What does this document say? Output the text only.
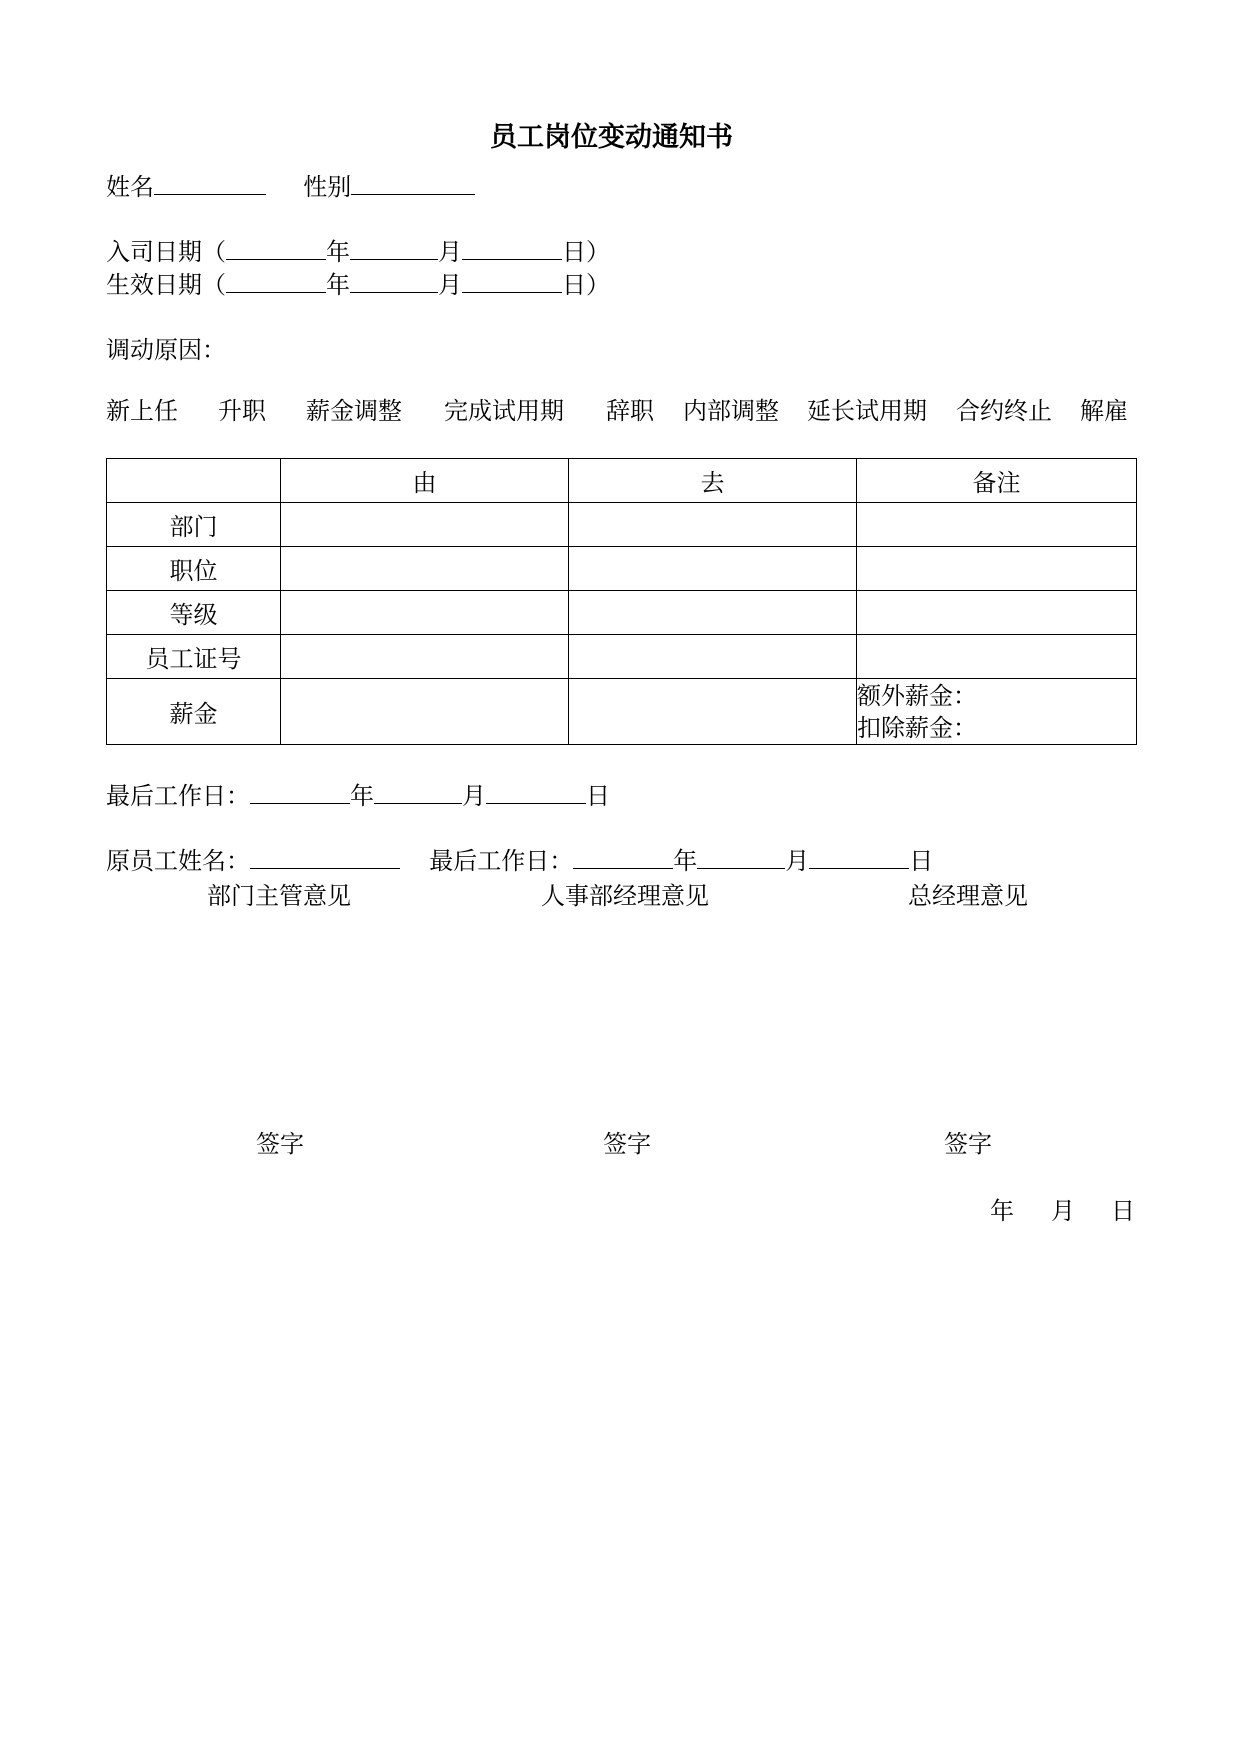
员工岗位变动通知书
姓名	性别
入司日期（	年	月	日）
生效日期（	年	月	日）
调动原因：
新上任 升职 薪金调整 完成试用期 辞职 内部调整 延长试用期 合约终止 解雇
	由	去	备注
部门			
职位			
等级			
员工证号			
薪金			额外薪金：
扣除薪金：
最后工作日：	年	月	日
原员工姓名：	最后工作日：	年	月	日
部门主管意见	人事部经理意见	总经理意见
签字	签字	签字
年 月 日
